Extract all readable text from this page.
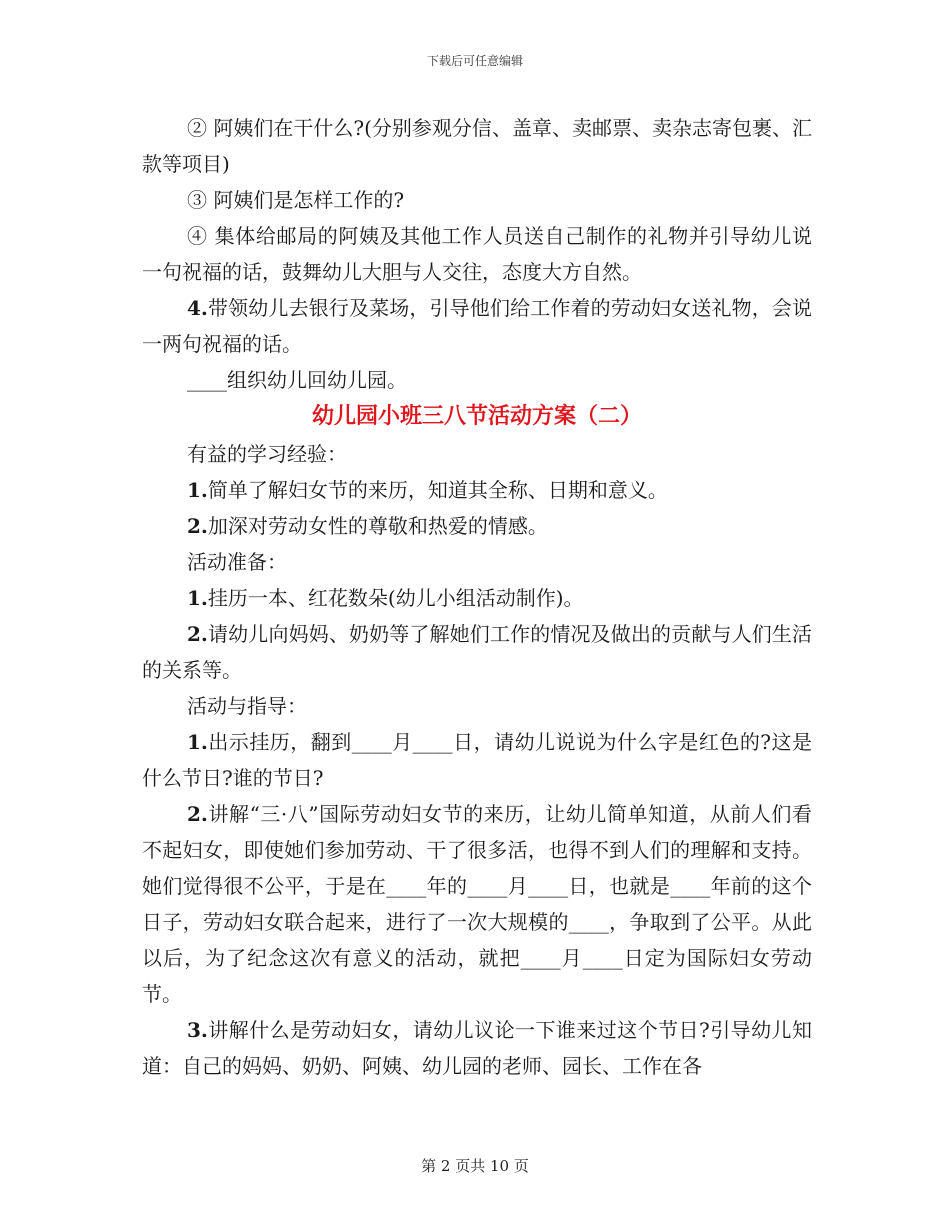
下载后可任意编辑

② 阿姨们在干什么?(分别参观分信、盖章、卖邮票、卖杂志寄包裹、汇款等项目)

③ 阿姨们是怎样工作的?

④ 集体给邮局的阿姨及其他工作人员送自己制作的礼物并引导幼儿说一句祝福的话，鼓舞幼儿大胆与人交往，态度大方自然。

4.带领幼儿去银行及菜场，引导他们给工作着的劳动妇女送礼物，会说一两句祝福的话。

____组织幼儿回幼儿园。

幼儿园小班三八节活动方案（二）

有益的学习经验：

1.简单了解妇女节的来历，知道其全称、日期和意义。

2.加深对劳动女性的尊敬和热爱的情感。

活动准备：

1.挂历一本、红花数朵(幼儿小组活动制作)。

2.请幼儿向妈妈、奶奶等了解她们工作的情况及做出的贡献与人们生活的关系等。

活动与指导：

1.出示挂历，翻到____月____日，请幼儿说说为什么字是红色的?这是什么节日?谁的节日?

2.讲解“三·八”国际劳动妇女节的来历，让幼儿简单知道，从前人们看不起妇女，即使她们参加劳动、干了很多活，也得不到人们的理解和支持。她们觉得很不公平，于是在____年的____月____日，也就是____年前的这个日子，劳动妇女联合起来，进行了一次大规模的____，争取到了公平。从此以后，为了纪念这次有意义的活动，就把____月____日定为国际妇女劳动节。

3.讲解什么是劳动妇女，请幼儿议论一下谁来过这个节日?引导幼儿知道：自己的妈妈、奶奶、阿姨、幼儿园的老师、园长、工作在各

第 2 页共 10 页
